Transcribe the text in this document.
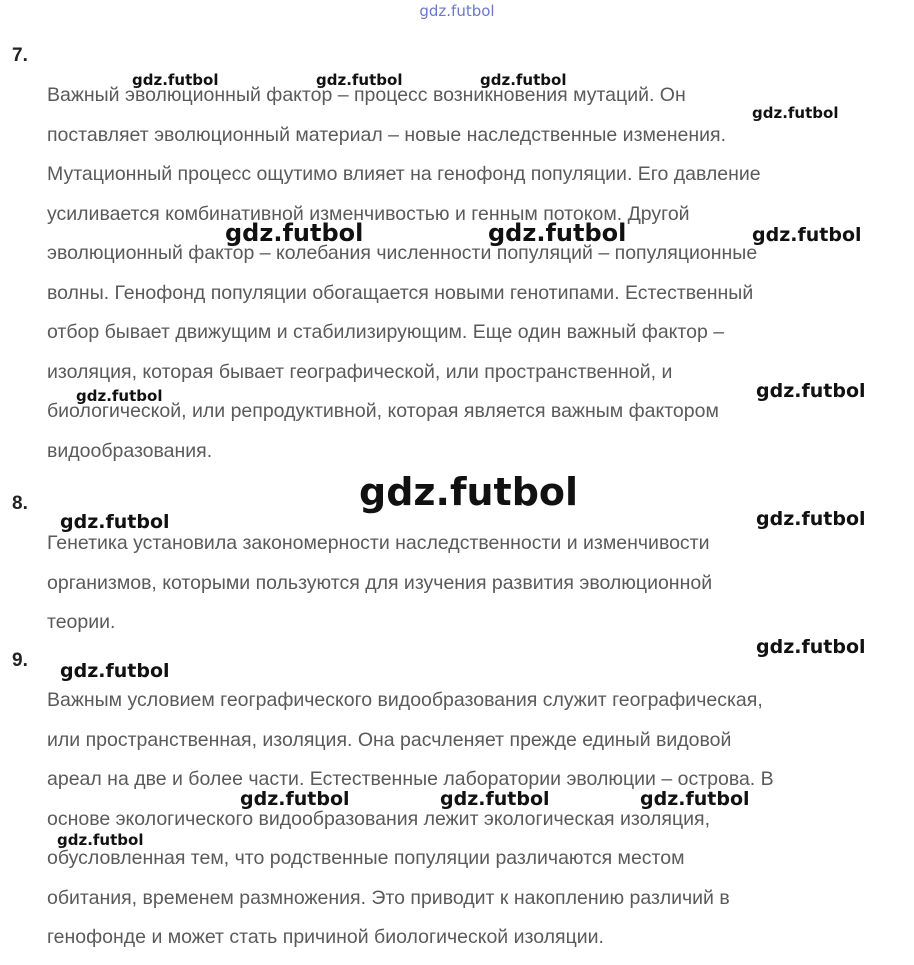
gdz.futbol
7.
Важный эволюционный фактор – процесс возникновения мутаций. Он
поставляет эволюционный материал – новые наследственные изменения.
Мутационный процесс ощутимо влияет на генофонд популяции. Его давление
усиливается комбинативной изменчивостью и генным потоком. Другой
эволюционный фактор – колебания численности популяций – популяционные
волны. Генофонд популяции обогащается новыми генотипами. Естественный
отбор бывает движущим и стабилизирующим. Еще один важный фактор –
изоляция, которая бывает географической, или пространственной, и
биологической, или репродуктивной, которая является важным фактором
видообразования.
8.
Генетика установила закономерности наследственности и изменчивости
организмов, которыми пользуются для изучения развития эволюционной
теории.
9.
Важным условием географического видообразования служит географическая,
или пространственная, изоляция. Она расчленяет прежде единый видовой
ареал на две и более части. Естественные лаборатории эволюции – острова. В
основе экологического видообразования лежит экологическая изоляция,
обусловленная тем, что родственные популяции различаются местом
обитания, временем размножения. Это приводит к накоплению различий в
генофонде и может стать причиной биологической изоляции.
gdz.futbol	gdz.futbol	gdz.futbol
gdz.futbol
gdz.futbol	gdz.futbol	gdz.futbol
gdz.futbol	gdz.futbol
gdz.futbol
gdz.futbol	gdz.futbol
gdz.futbol
gdz.futbol
gdz.futbol	gdz.futbol	gdz.futbol
gdz.futbol
